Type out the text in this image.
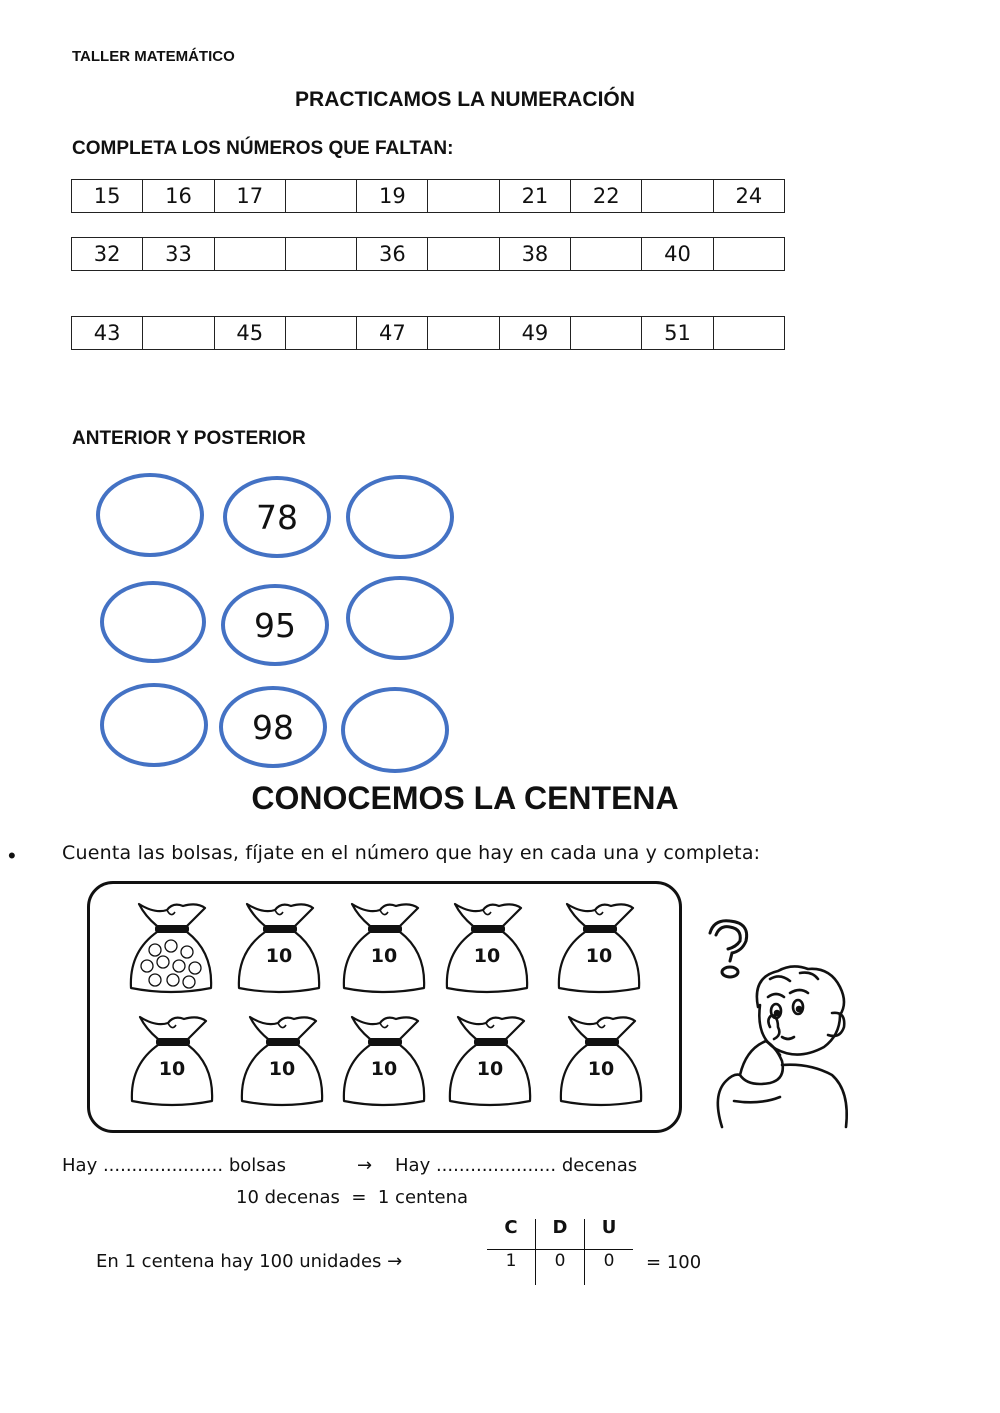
TALLER MATEMÁTICO
PRACTICAMOS LA NUMERACIÓN
COMPLETA LOS NÚMEROS QUE FALTAN:
15	16	17		19		21	22		24
32	33			36		38		40	
43		45		47		49		51	
ANTERIOR Y POSTERIOR
78
95
98
CONOCEMOS LA CENTENA
• Cuenta las bolsas, fíjate en el número que hay en cada una y completa:
10	10	10	10
10	10	10	10	10
Hay ..................... bolsas	→ Hay ..................... decenas
10 decenas  =  1 centena
En 1 centena hay 100 unidades →
C	D	U
1	0	0	= 100
